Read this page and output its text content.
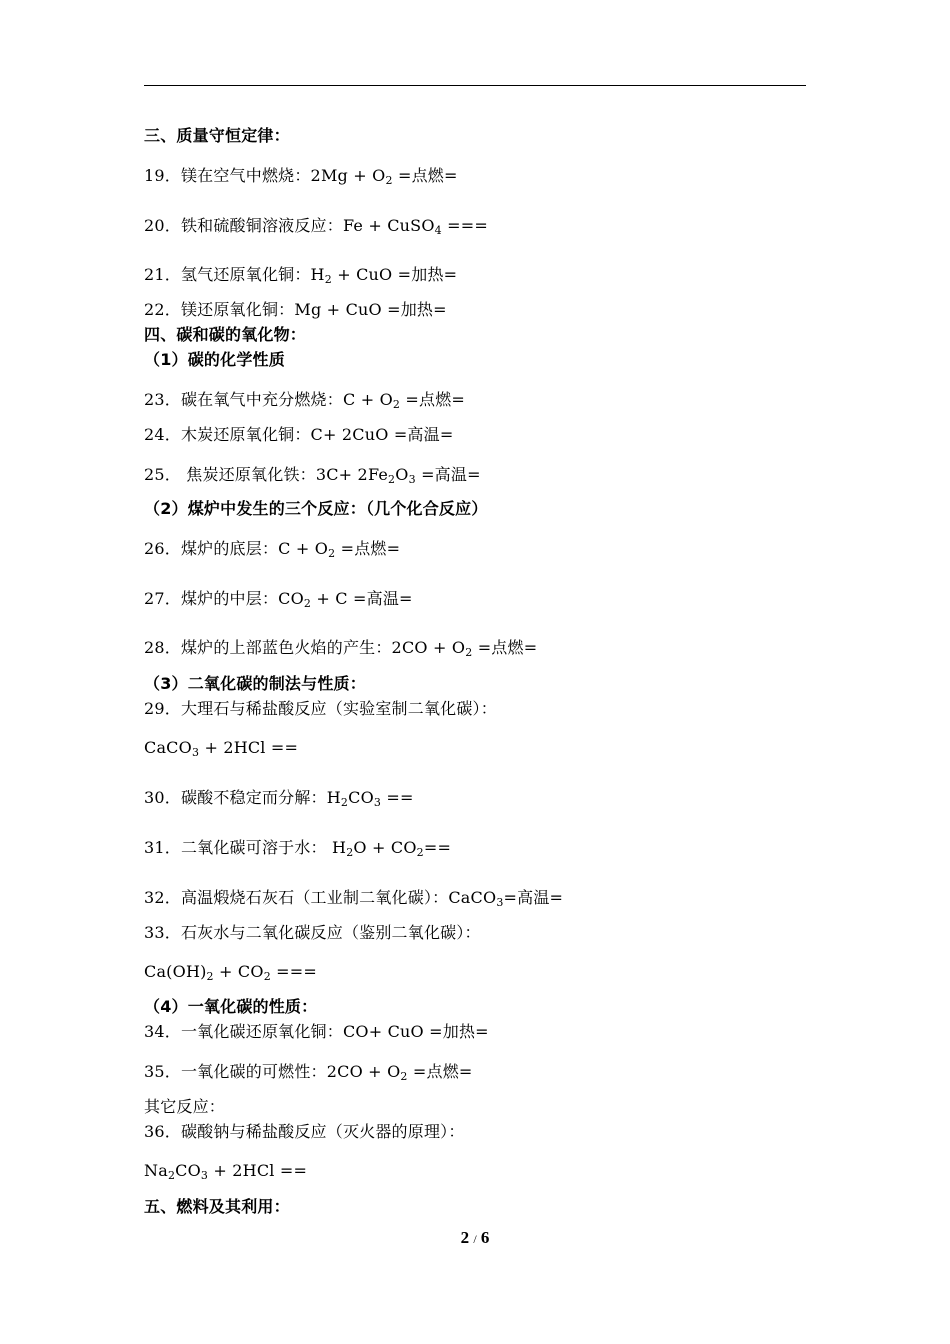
三、质量守恒定律：
19．镁在空气中燃烧：$2Mg + O_2$ =点燃=
20．铁和硫酸铜溶液反应：Fe + CuSO$_4$ ===
21．氢气还原氧化铜：$H_2$ + CuO =加热=
22．镁还原氧化铜：Mg + CuO =加热=
四、碳和碳的氧化物：
（1）碳的化学性质
23．碳在氧气中充分燃烧：$C + O_2$ =点燃=
24．木炭还原氧化铜：C+ 2CuO =高温=
25． 焦炭还原氧化铁：$3C+ 2Fe_2O_3$ =高温=
（2）煤炉中发生的三个反应：（几个化合反应）
26．煤炉的底层：$C + O_2$ =点燃=
27．煤炉的中层：$CO_2 + C$ =高温=
28．煤炉的上部蓝色火焰的产生：$2CO + O_2$ =点燃=
（3）二氧化碳的制法与性质：
29．大理石与稀盐酸反应（实验室制二氧化碳）：
CaCO$_3$ + 2HCl ==
30．碳酸不稳定而分解：$H_2CO_3$ ==
31．二氧化碳可溶于水： $H_2O + CO_2==$
32．高温煅烧石灰石（工业制二氧化碳）：CaCO$_3$=高温=
33．石灰水与二氧化碳反应（鉴别二氧化碳）：
$Ca(OH)_2 + CO_2$ ===
（4）一氧化碳的性质：
34．一氧化碳还原氧化铜：CO+ CuO =加热=
35．一氧化碳的可燃性：$2CO + O_2$ =点燃=
其它反应：
36．碳酸钠与稀盐酸反应（灭火器的原理）：
$Na_2CO_3 + 2HCl$ ==
五、燃料及其利用：
2 / 6
